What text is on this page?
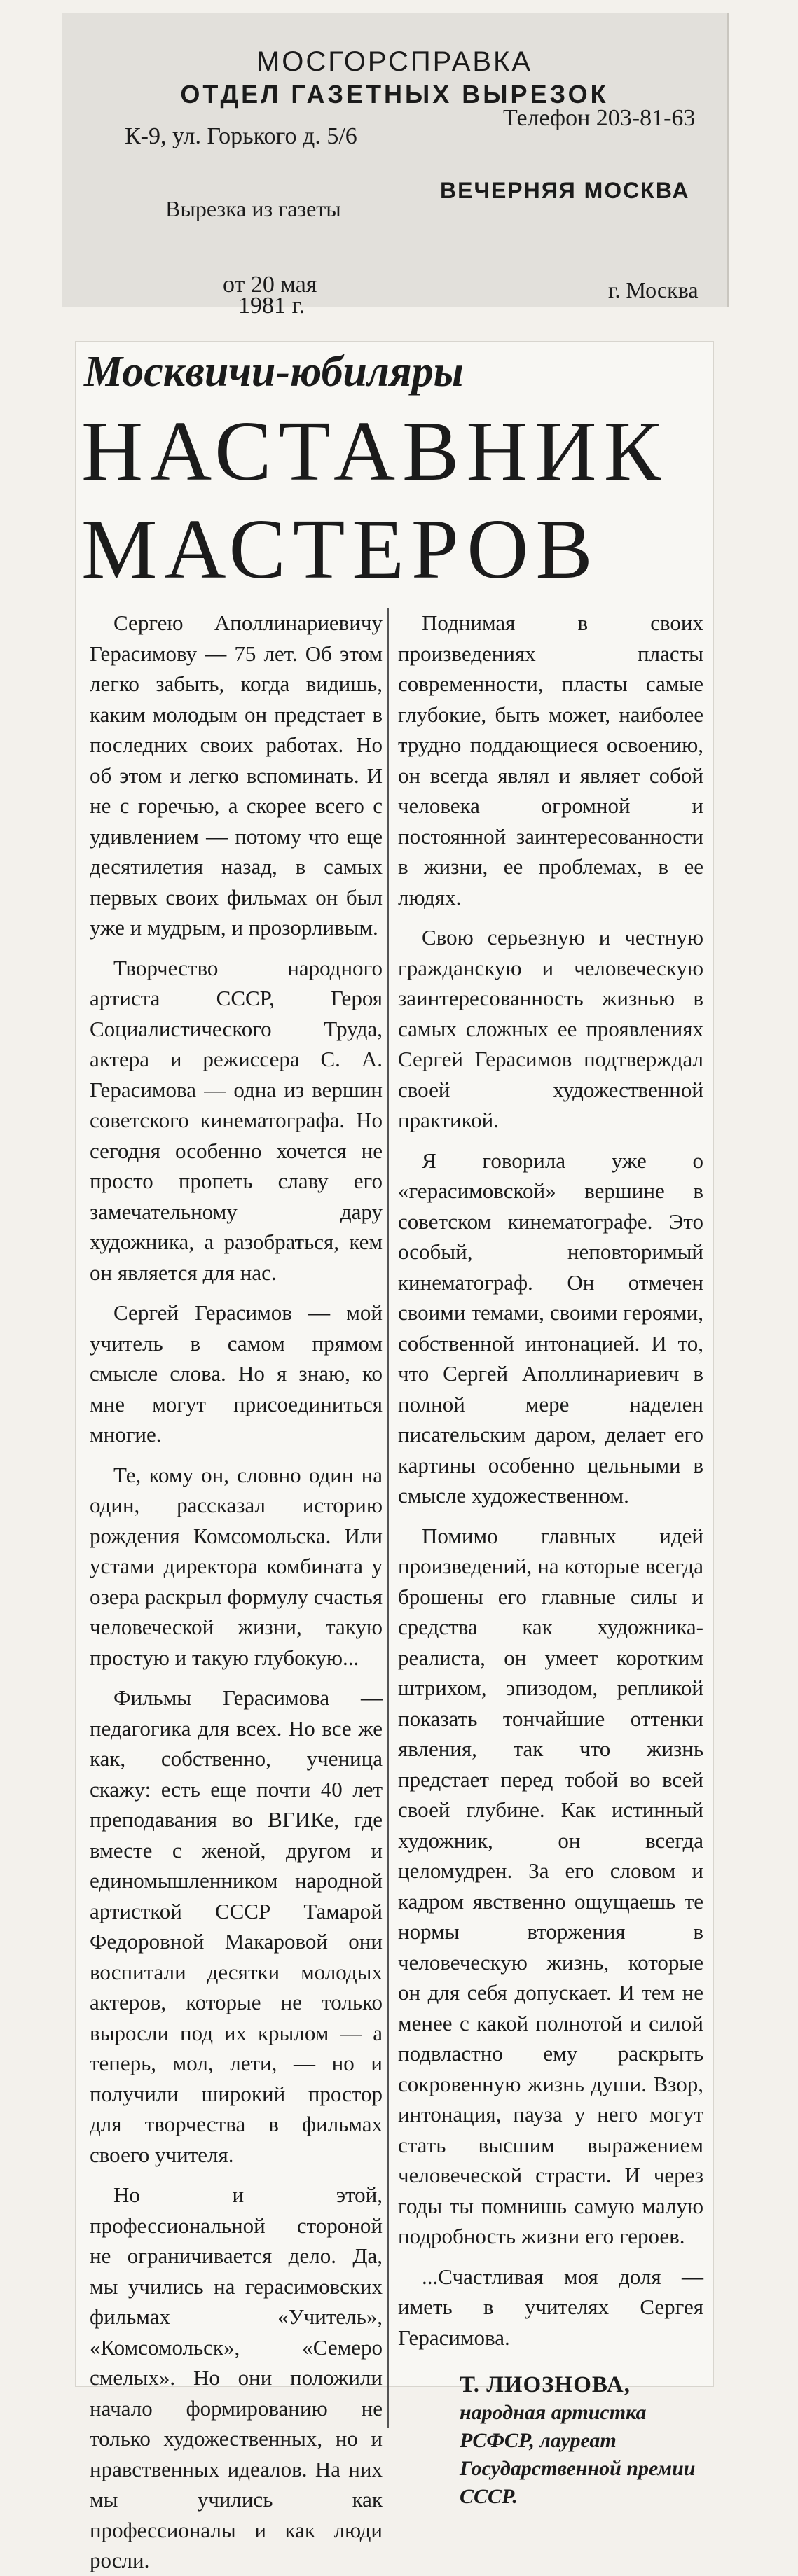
МОСГОРСПРАВКА
ОТДЕЛ ГАЗЕТНЫХ ВЫРЕЗОК
Телефон 203-81-63
К-9, ул. Горького д. 5/6
ВЕЧЕРНЯЯ МОСКВА
Вырезка из газеты
от 20 мая	г. Москва
1981 г.
Москвичи-юбиляры
НАСТАВНИК
МАСТЕРОВ

Сергею Аполлинариевичу Герасимову — 75 лет. Об этом легко забыть, когда видишь, каким молодым он предстает в последних своих работах. Но об этом и легко вспоминать. И не с горечью, а скорее всего с удивлением — потому что еще десятилетия назад, в самых первых своих фильмах он был уже и мудрым, и прозорливым.

Творчество народного артиста СССР, Героя Социалистического Труда, актера и режиссера С. А. Герасимова — одна из вершин советского кинематографа. Но сегодня особенно хочется не просто пропеть славу его замечательному дару художника, а разобраться, кем он является для нас.

Сергей Герасимов — мой учитель в самом прямом смысле слова. Но я знаю, ко мне могут присоединиться многие.

Те, кому он, словно один на один, рассказал историю рождения Комсомольска. Или устами директора комбината у озера раскрыл формулу счастья человеческой жизни, такую простую и такую глубокую...

Фильмы Герасимова — педагогика для всех. Но все же как, собственно, ученица скажу: есть еще почти 40 лет преподавания во ВГИКе, где вместе с женой, другом и единомышленником народной артисткой СССР Тамарой Федоровной Макаровой они воспитали десятки молодых актеров, которые не только выросли под их крылом — а теперь, мол, лети, — но и получили широкий простор для творчества в фильмах своего учителя.

Но и этой, профессиональной стороной не ограничивается дело. Да, мы учились на герасимовских фильмах «Учитель», «Комсомольск», «Семеро смелых». Но они положили начало формированию не только художественных, но и нравственных идеалов. На них мы учились как профессионалы и как люди росли.

Поднимая в своих произведениях пласты современности, пласты самые глубокие, быть может, наиболее трудно поддающиеся освоению, он всегда являл и являет собой человека огромной и постоянной заинтересованности в жизни, ее проблемах, в ее людях.

Свою серьезную и честную гражданскую и человеческую заинтересованность жизнью в самых сложных ее проявлениях Сергей Герасимов подтверждал своей художественной практикой.

Я говорила уже о «герасимовской» вершине в советском кинематографе. Это особый, неповторимый кинематограф. Он отмечен своими темами, своими героями, собственной интонацией. И то, что Сергей Аполлинариевич в полной мере наделен писательским даром, делает его картины особенно цельными в смысле художественном.

Помимо главных идей произведений, на которые всегда брошены его главные силы и средства как художника-реалиста, он умеет коротким штрихом, эпизодом, репликой показать тончайшие оттенки явления, так что жизнь предстает перед тобой во всей своей глубине. Как истинный художник, он всегда целомудрен. За его словом и кадром явственно ощущаешь те нормы вторжения в человеческую жизнь, которые он для себя допускает. И тем не менее с какой полнотой и силой подвластно ему раскрыть сокровенную жизнь души. Взор, интонация, пауза у него могут стать высшим выражением человеческой страсти. И через годы ты помнишь самую малую подробность жизни его героев.

...Счастливая моя доля — иметь в учителях Сергея Герасимова.

Т. ЛИОЗНОВА,
народная артистка РСФСР, лауреат Государственной премии СССР.
